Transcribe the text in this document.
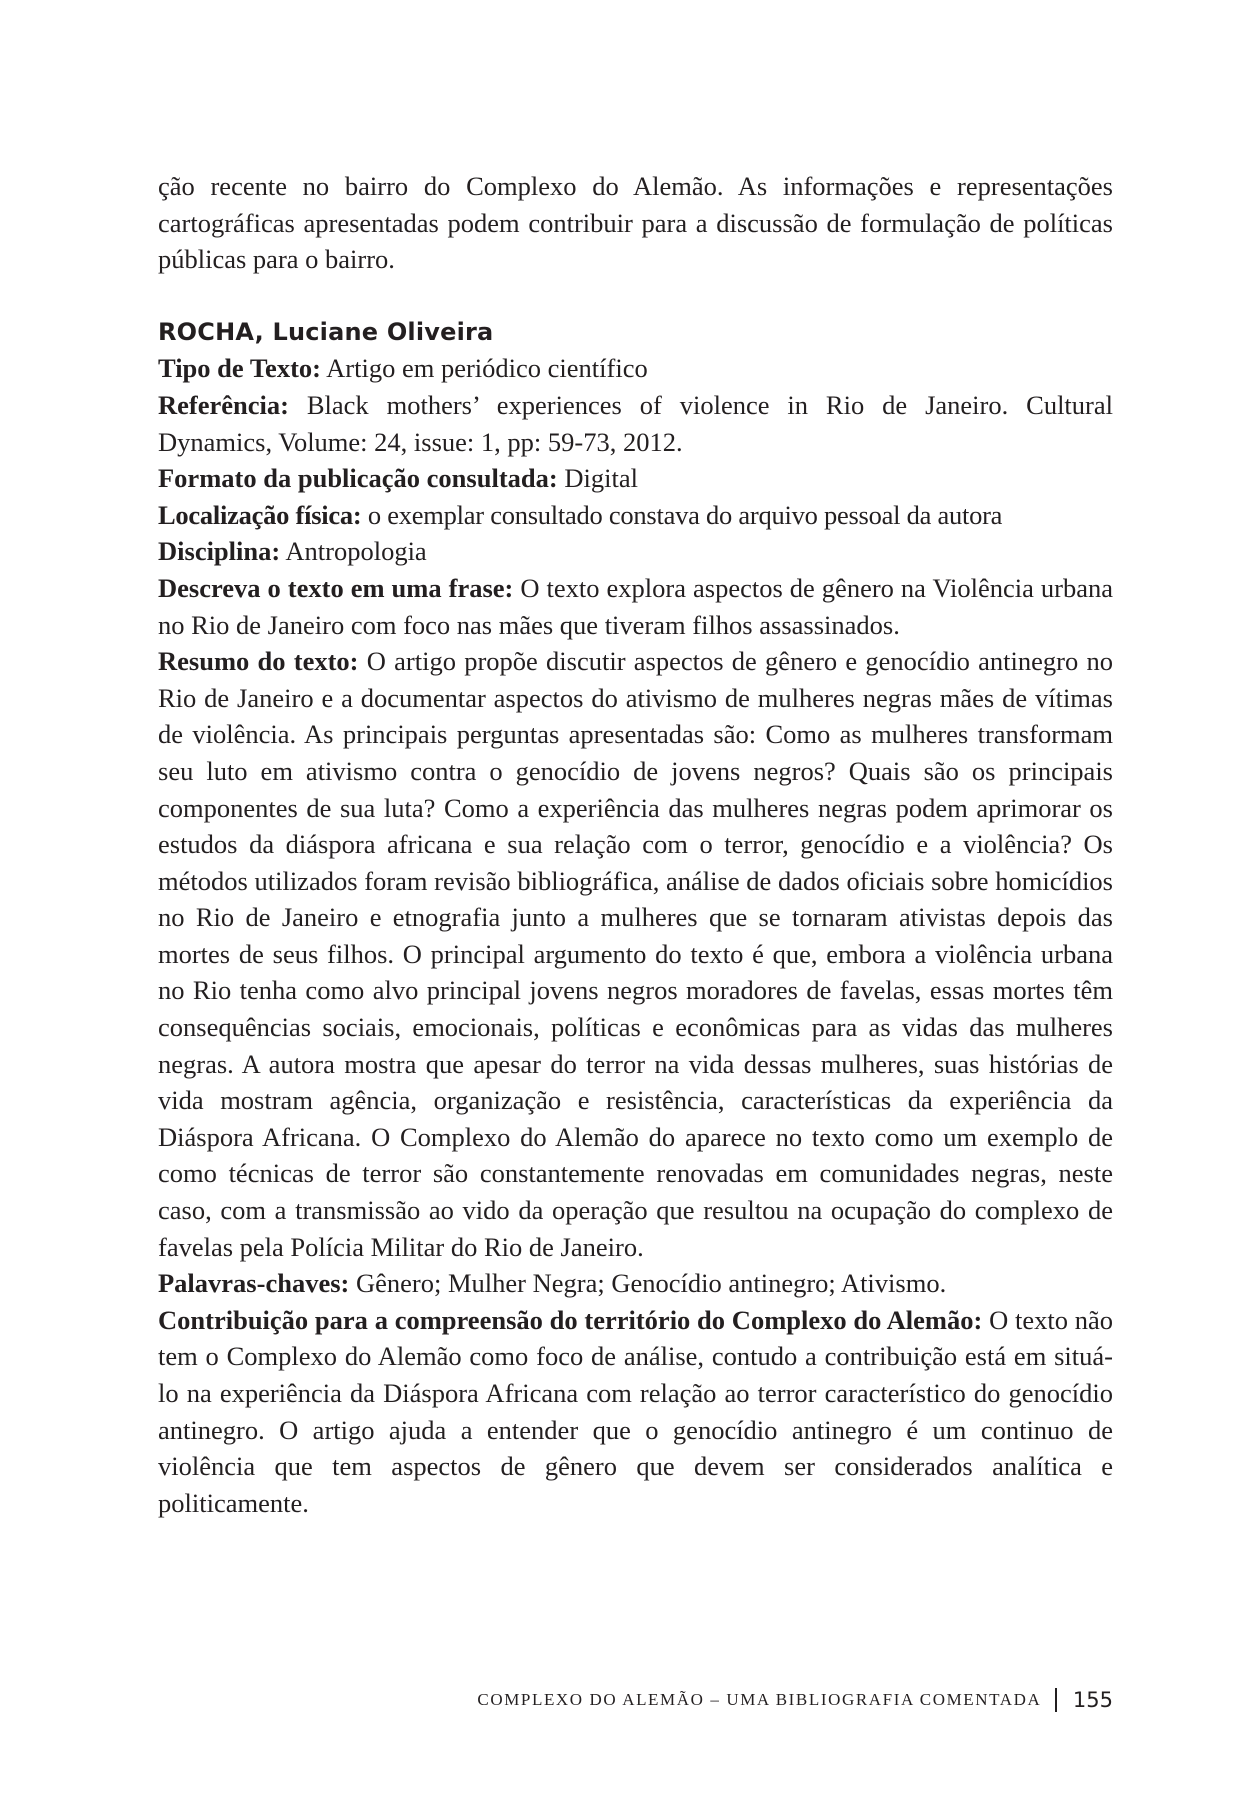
ção recente no bairro do Complexo do Alemão. As informações e representações cartográficas apresentadas podem contribuir para a discussão de formulação de políticas públicas para o bairro.

ROCHA, Luciane Oliveira

Tipo de Texto: Artigo em periódico científico

Referência: Black mothers’ experiences of violence in Rio de Janeiro. Cultural Dynamics, Volume: 24, issue: 1, pp: 59-73, 2012.

Formato da publicação consultada: Digital

Localização física: o exemplar consultado constava do arquivo pessoal da autora

Disciplina: Antropologia

Descreva o texto em uma frase: O texto explora aspectos de gênero na Violência urbana no Rio de Janeiro com foco nas mães que tiveram filhos assassinados.

Resumo do texto: O artigo propõe discutir aspectos de gênero e genocídio antinegro no Rio de Janeiro e a documentar aspectos do ativismo de mulheres negras mães de vítimas de violência. As principais perguntas apresentadas são: Como as mulheres transformam seu luto em ativismo contra o genocídio de jovens negros? Quais são os principais componentes de sua luta? Como a experiência das mulheres negras podem aprimorar os estudos da diáspora africana e sua relação com o terror, genocídio e a violência? Os métodos utilizados foram revisão bibliográfica, análise de dados oficiais sobre homicídios no Rio de Janeiro e etnografia junto a mulheres que se tornaram ativistas depois das mortes de seus filhos. O principal argumento do texto é que, embora a violência urbana no Rio tenha como alvo principal jovens negros moradores de favelas, essas mortes têm consequências sociais, emocionais, políticas e econômicas para as vidas das mulheres negras. A autora mostra que apesar do terror na vida dessas mulheres, suas histórias de vida mostram agência, organização e resistência, características da experiência da Diáspora Africana. O Complexo do Alemão do aparece no texto como um exemplo de como técnicas de terror são constantemente renovadas em comunidades negras, neste caso, com a transmissão ao vido da operação que resultou na ocupação do complexo de favelas pela Polícia Militar do Rio de Janeiro.

Palavras-chaves: Gênero; Mulher Negra; Genocídio antinegro; Ativismo.

Contribuição para a compreensão do território do Complexo do Alemão: O texto não tem o Complexo do Alemão como foco de análise, contudo a contribuição está em situá-lo na experiência da Diáspora Africana com relação ao terror característico do genocídio antinegro. O artigo ajuda a entender que o genocídio antinegro é um continuo de violência que tem aspectos de gênero que devem ser considerados analítica e politicamente.

COMPLEXO DO ALEMÃO – UMA BIBLIOGRAFIA COMENTADA 155
